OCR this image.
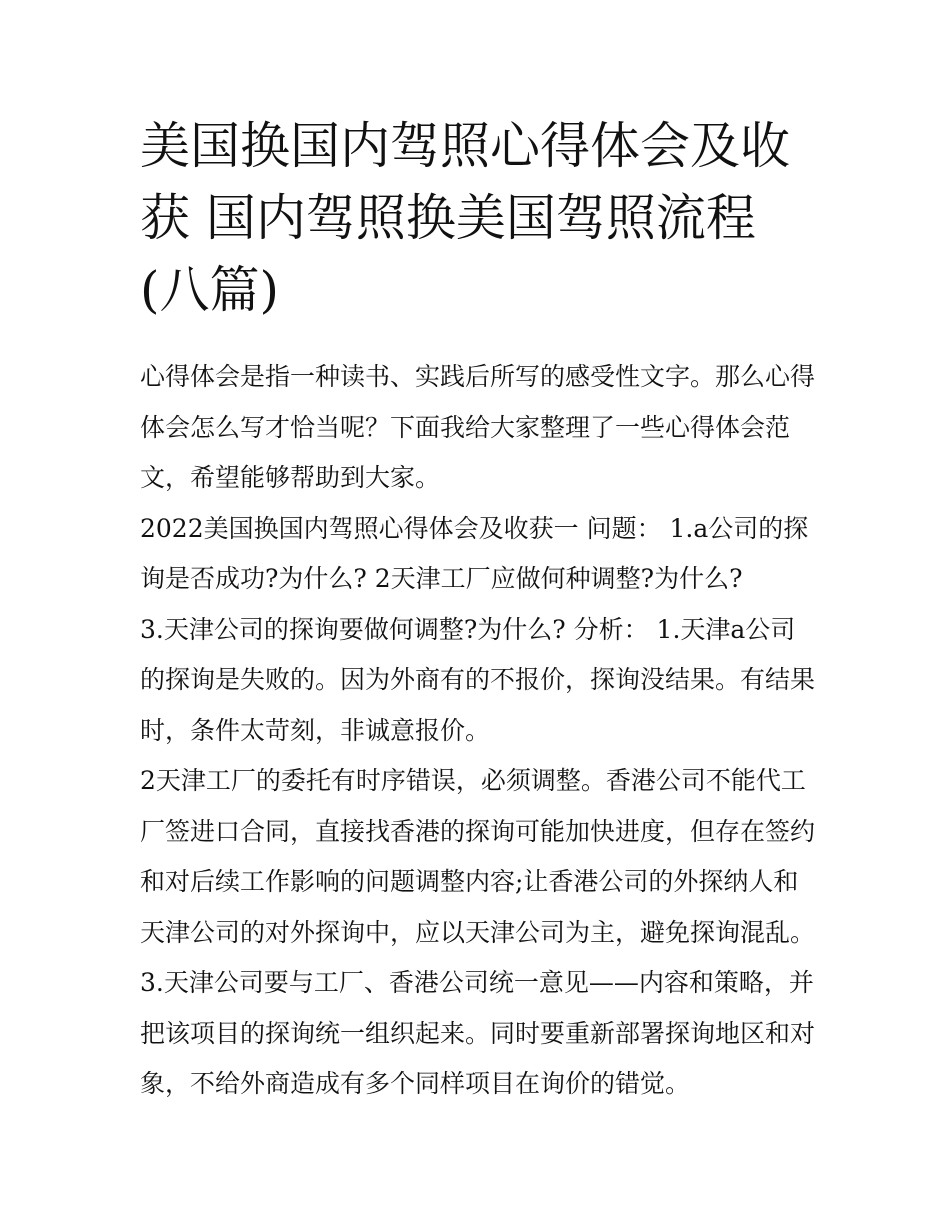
美国换国内驾照心得体会及收获 国内驾照换美国驾照流程(八篇)

心得体会是指一种读书、实践后所写的感受性文字。那么心得体会怎么写才恰当呢？下面我给大家整理了一些心得体会范文，希望能够帮助到大家。

2022美国换国内驾照心得体会及收获一 问题： 1.a公司的探询是否成功?为什么? 2天津工厂应做何种调整?为什么?

3.天津公司的探询要做何调整?为什么? 分析： 1.天津a公司的探询是失败的。因为外商有的不报价，探询没结果。有结果时，条件太苛刻，非诚意报价。

2天津工厂的委托有时序错误，必须调整。香港公司不能代工厂签进口合同，直接找香港的探询可能加快进度，但存在签约和对后续工作影响的问题调整内容;让香港公司的外探纳人和天津公司的对外探询中，应以天津公司为主，避免探询混乱。

3.天津公司要与工厂、香港公司统一意见——内容和策略，并把该项目的探询统一组织起来。同时要重新部署探询地区和对象，不给外商造成有多个同样项目在询价的错觉。
